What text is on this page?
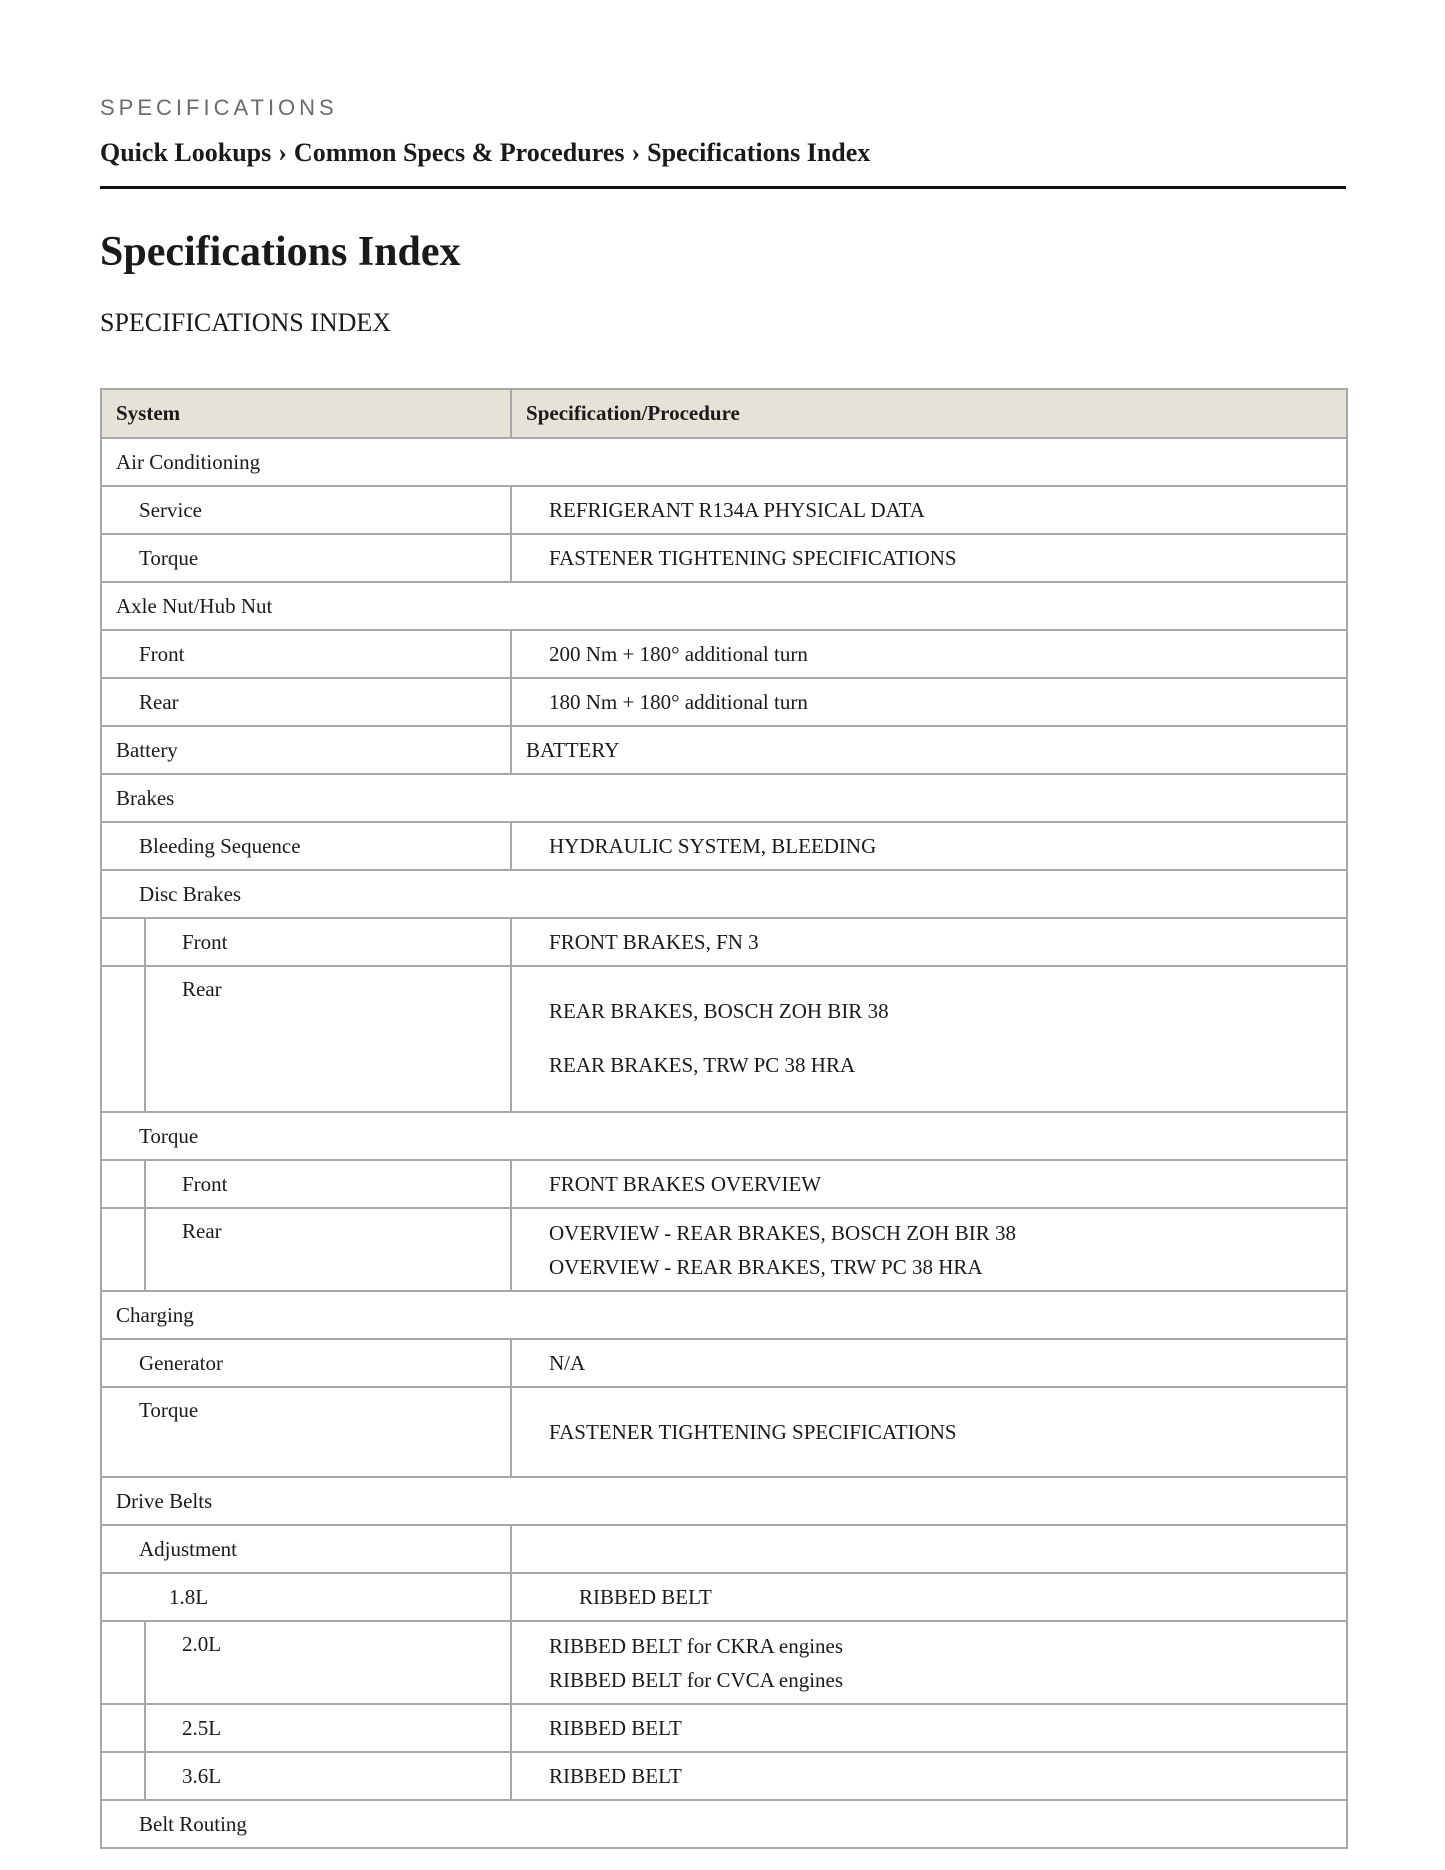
SPECIFICATIONS
Quick Lookups › Common Specs & Procedures › Specifications Index
Specifications Index
SPECIFICATIONS INDEX
System		Specification/Procedure
Air Conditioning		
Service		REFRIGERANT R134A PHYSICAL DATA
Torque		FASTENER TIGHTENING SPECIFICATIONS
Axle Nut/Hub Nut		
Front		200 Nm + 180° additional turn
Rear		180 Nm + 180° additional turn
Battery		BATTERY
Brakes		
Bleeding Sequence		HYDRAULIC SYSTEM, BLEEDING
Disc Brakes		
	Front	FRONT BRAKES, FN 3
	Rear	REAR BRAKES, BOSCH ZOH BIR 38
REAR BRAKES, TRW PC 38 HRA

Torque		
	Front	FRONT BRAKES OVERVIEW
	Rear	OVERVIEW - REAR BRAKES, BOSCH ZOH BIR 38
OVERVIEW - REAR BRAKES, TRW PC 38 HRA

Charging		
Generator		N/A
Torque		FASTENER TIGHTENING SPECIFICATIONS
Drive Belts		
Adjustment		
1.8L		RIBBED BELT
	2.0L	RIBBED BELT for CKRA engines
RIBBED BELT for CVCA engines

	2.5L	RIBBED BELT
	3.6L	RIBBED BELT
Belt Routing		
